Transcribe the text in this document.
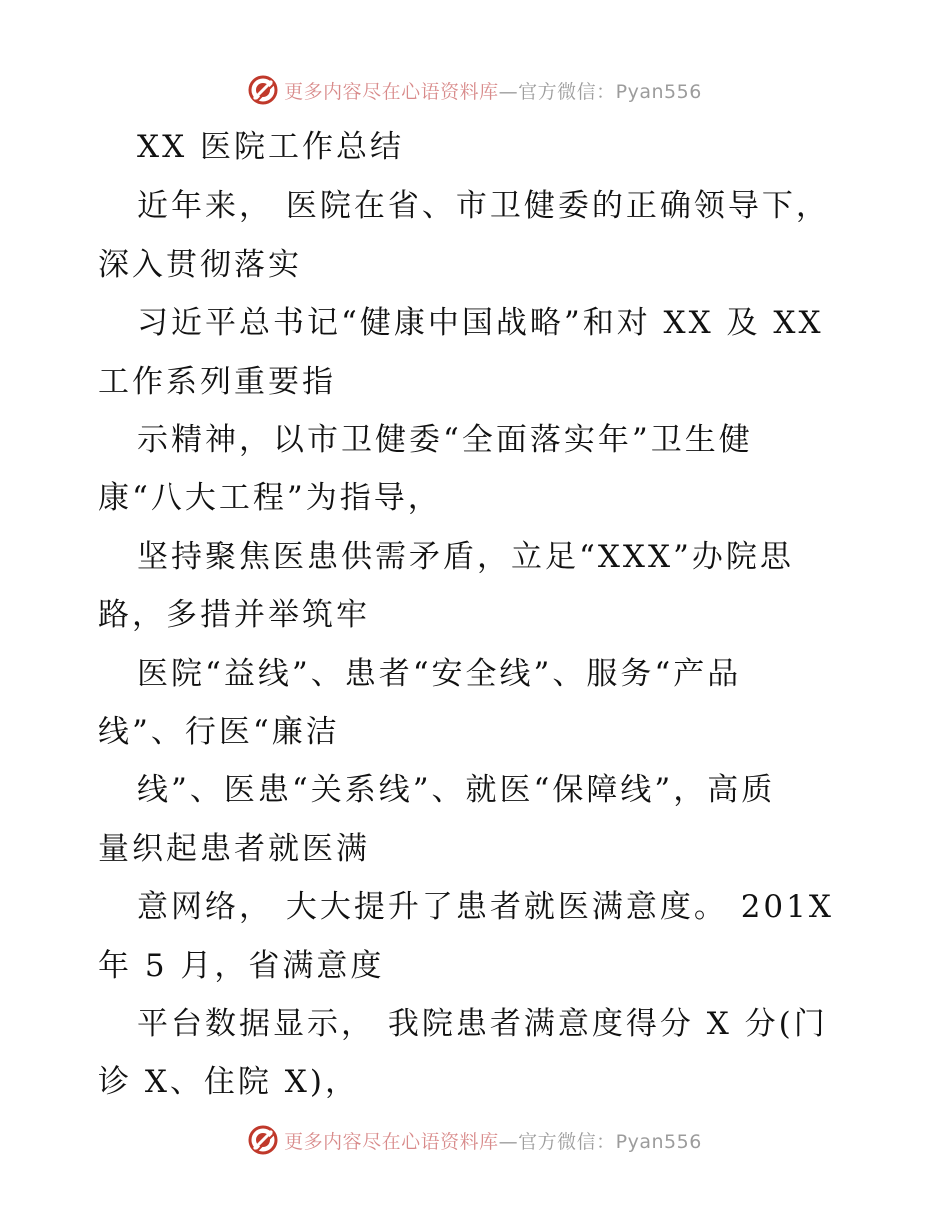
更多内容尽在心语资料库—官方微信：Pyan556
XX 医院工作总结
近年来， 医院在省、市卫健委的正确领导下，
深入贯彻落实
习近平总书记“健康中国战略”和对 XX 及 XX
工作系列重要指
示精神，以市卫健委“全面落实年”卫生健
康“八大工程”为指导，
坚持聚焦医患供需矛盾，立足“XXX”办院思
路，多措并举筑牢
医院“益线”、患者“安全线”、服务“产品
线”、行医“廉洁
线”、医患“关系线”、就医“保障线”，高质
量织起患者就医满
意网络， 大大提升了患者就医满意度。 201X
年 5 月，省满意度
平台数据显示， 我院患者满意度得分 X 分(门
诊 X、住院 X)，
更多内容尽在心语资料库—官方微信：Pyan556
